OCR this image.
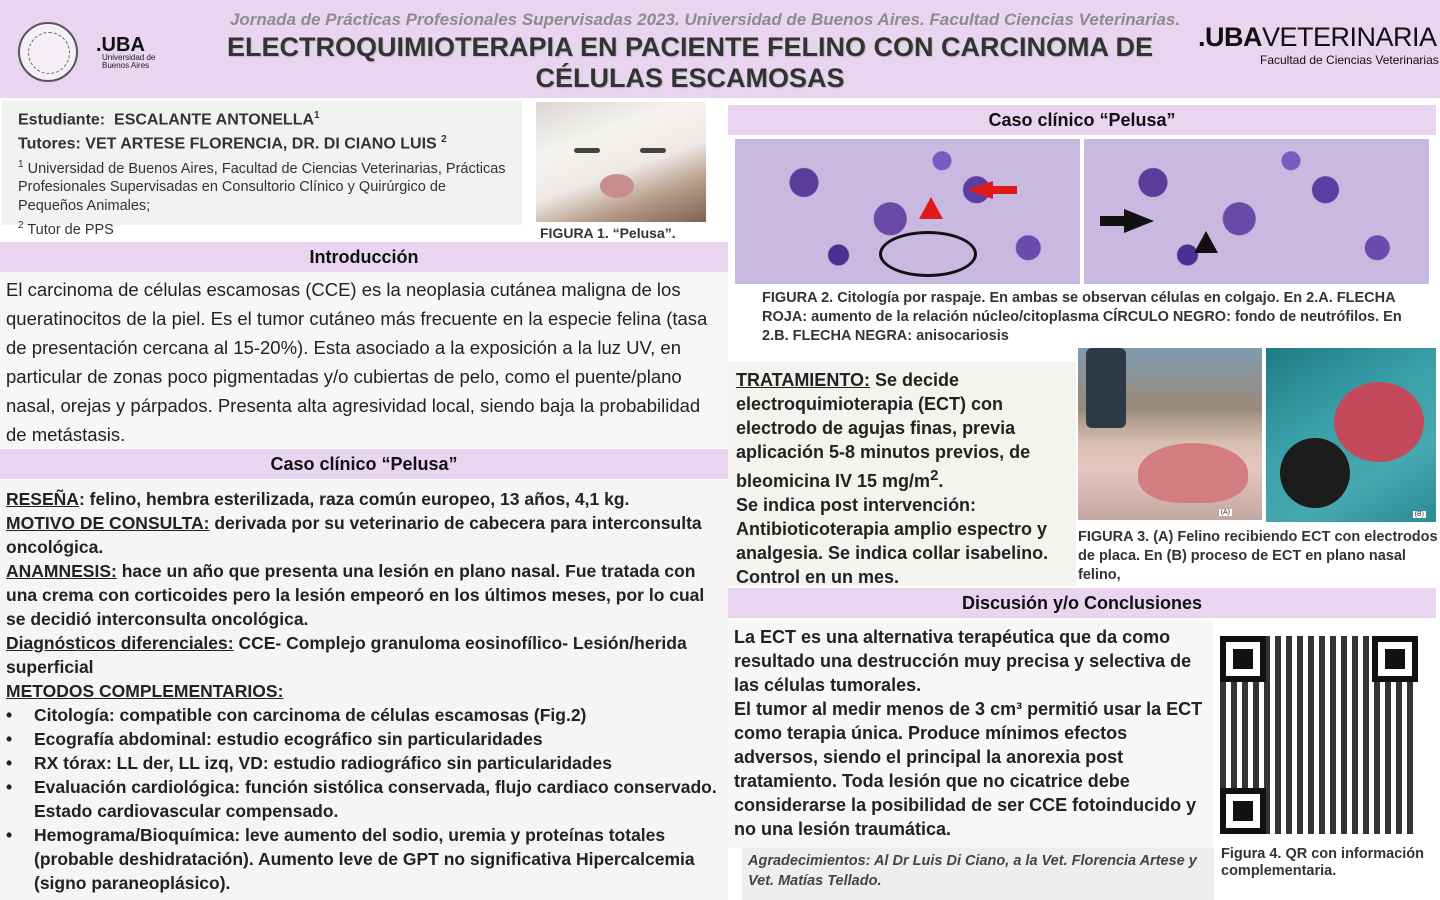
.UBA
Universidad de Buenos Aires
Jornada de Prácticas Profesionales Supervisadas 2023. Universidad de Buenos Aires. Facultad Ciencias Veterinarias.
ELECTROQUIMIOTERAPIA EN PACIENTE FELINO CON CARCINOMA DE CÉLULAS ESCAMOSAS
.UBAVETERINARIA
Facultad de Ciencias Veterinarias
Estudiante: ESCALANTE ANTONELLA$^1$
Tutores: VET ARTESE FLORENCIA, DR. DI CIANO LUIS $^2$
$^1$ Universidad de Buenos Aires, Facultad de Ciencias Veterinarias, Prácticas Profesionales Supervisadas en Consultorio Clínico y Quirúrgico de Pequeños Animales;
$^2$ Tutor de PPS	FIGURA 1. “Pelusa”.
Introducción
El carcinoma de células escamosas (CCE) es la neoplasia cutánea maligna de los queratinocitos de la piel. Es el tumor cutáneo más frecuente en la especie felina (tasa de presentación cercana al 15-20%). Esta asociado a la exposición a la luz UV, en particular de zonas poco pigmentadas y/o cubiertas de pelo, como el puente/plano nasal, orejas y párpados. Presenta alta agresividad local, siendo baja la probabilidad de metástasis.
Caso clínico “Pelusa”
RESEÑA: felino, hembra esterilizada, raza común europeo, 13 años, 4,1 kg.
MOTIVO DE CONSULTA: derivada por su veterinario de cabecera para interconsulta oncológica.
ANAMNESIS: hace un año que presenta una lesión en plano nasal. Fue tratada con una crema con corticoides pero la lesión empeoró en los últimos meses, por lo cual se decidió interconsulta oncológica.
Diagnósticos diferenciales: CCE- Complejo granuloma eosinofílico- Lesión/herida superficial
METODOS COMPLEMENTARIOS:
• Citología: compatible con carcinoma de células escamosas (Fig.2)
• Ecografía abdominal: estudio ecográfico sin particularidades
• RX tórax: LL der, LL izq, VD: estudio radiográfico sin particularidades
• Evaluación cardiológica: función sistólica conservada, flujo cardiaco conservado. Estado cardiovascular compensado.
• Hemograma/Bioquímica: leve aumento del sodio, uremia y proteínas totales (probable deshidratación). Aumento leve de GPT no significativa Hipercalcemia (signo paraneoplásico).
Caso clínico “Pelusa”
FIGURA 2. Citología por raspaje. En ambas se observan células en colgajo. En 2.A. FLECHA ROJA: aumento de la relación núcleo/citoplasma CÍRCULO NEGRO: fondo de neutrófilos. En 2.B. FLECHA NEGRA: anisocariosis
TRATAMIENTO: Se decide electroquimioterapia (ECT) con electrodo de agujas finas, previa aplicación 5-8 minutos previos, de bleomicina IV 15 $mg/m^2$.
Se indica post intervención: Antibioticoterapia amplio espectro y analgesia. Se indica collar isabelino. Control en un mes.
(A)	(B)
FIGURA 3. (A) Felino recibiendo ECT con electrodos de placa. En (B) proceso de ECT en plano nasal felino,
Discusión y/o Conclusiones
La ECT es una alternativa terapéutica que da como resultado una destrucción muy precisa y selectiva de las células tumorales.
El tumor al medir menos de 3 cm³ permitió usar la ECT como terapia única. Produce mínimos efectos adversos, siendo el principal la anorexia post tratamiento. Toda lesión que no cicatrice debe considerarse la posibilidad de ser CCE fotoinducido y no una lesión traumática.
Agradecimientos: Al Dr Luis Di Ciano, a la Vet. Florencia Artese y Vet. Matías Tellado.
Figura 4. QR con información complementaria.
